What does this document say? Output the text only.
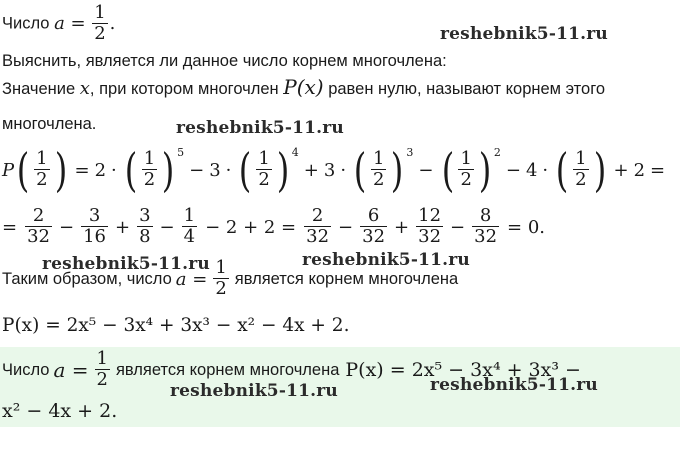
Число $a = \frac{1}{2}$ .
reshebnik5-11.ru
Выяснить, является ли данное число корнем многочлена:
Значение x, при котором многочлен P(x) равен нулю, называют корнем этого
многочлена.	reshebnik5-11.ru
P ( $\frac{1}{2}$ ) = 2 · ( $\frac{1}{2}$ ) 5
− 3 · ( $\frac{1}{2}$ ) 4
+ 3 · ( $\frac{1}{2}$ ) 3
− ( $\frac{1}{2}$ ) 2
− 4 · ( $\frac{1}{2}$ ) + 2 =
= $\frac{2}{32} - \frac{3}{16} + \frac{3}{8} - \frac{1}{4} - 2 + 2 = \frac{2}{32} - \frac{6}{32} + \frac{12}{32} - \frac{8}{32} = 0$.
reshebnik5-11.ru	reshebnik5-11.ru
Таким образом, число $a = \frac{1}{2}$ является корнем многочлена
P(x) = 2x⁵ − 3x⁴ + 3x³ − x² − 4x + 2.
Число $a = \frac{1}{2}$ является корнем многочлена P(x) = 2x⁵ − 3x⁴ + 3x³ −
x² − 4x + 2.
reshebnik5-11.ru	reshebnik5-11.ru
